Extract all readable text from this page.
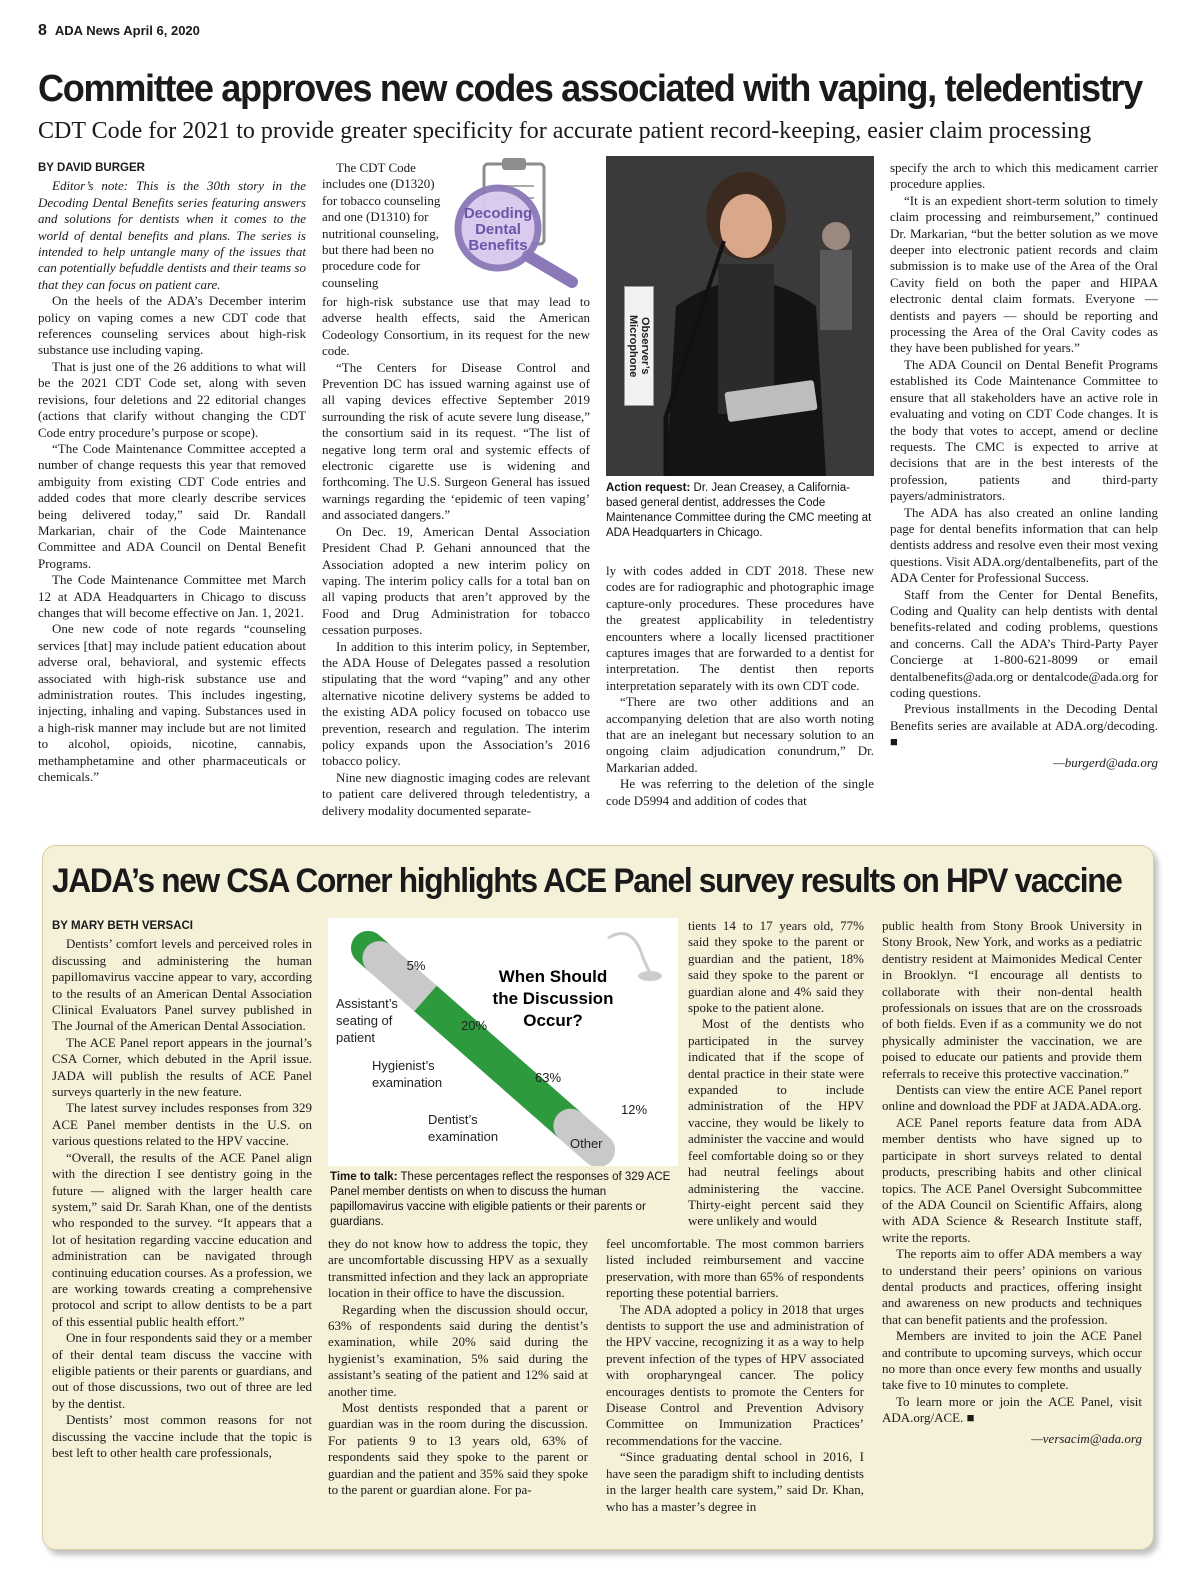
8 ADA News April 6, 2020
Committee approves new codes associated with vaping, teledentistry
CDT Code for 2021 to provide greater specificity for accurate patient record-keeping, easier claim processing

BY DAVID BURGER

Editor’s note: This is the 30th story in the Decoding Dental Benefits series featuring answers and solutions for dentists when it comes to the world of dental benefits and plans. The series is intended to help untangle many of the issues that can potentially befuddle dentists and their teams so that they can focus on patient care.

On the heels of the ADA’s December interim policy on vaping comes a new CDT code that references counseling services about high-risk substance use including vaping.

That is just one of the 26 additions to what will be the 2021 CDT Code set, along with seven revisions, four deletions and 22 editorial changes (actions that clarify without changing the CDT Code entry procedure’s purpose or scope).

“The Code Maintenance Committee accepted a number of change requests this year that removed ambiguity from existing CDT Code entries and added codes that more clearly describe services being delivered today,” said Dr. Randall Markarian, chair of the Code Maintenance Committee and ADA Council on Dental Benefit Programs.

The Code Maintenance Committee met March 12 at ADA Headquarters in Chicago to discuss changes that will become effective on Jan. 1, 2021.

One new code of note regards “counseling services [that] may include patient education about adverse oral, behavioral, and systemic effects associated with high-risk substance use and administration routes. This includes ingesting, injecting, inhaling and vaping. Substances used in a high-risk manner may include but are not limited to alcohol, opioids, nicotine, cannabis, methamphetamine and other pharmaceuticals or chemicals.”

The CDT Code includes one (D1320) for tobacco counseling and one (D1310) for nutritional counseling, but there had been no procedure code for counseling

Decoding
Dental
Benefits

for high-risk substance use that may lead to adverse health effects, said the American Codeology Consortium, in its request for the new code.

“The Centers for Disease Control and Prevention DC has issued warning against use of all vaping devices effective September 2019 surrounding the risk of acute severe lung disease,” the consortium said in its request. “The list of negative long term oral and systemic effects of electronic cigarette use is widening and forthcoming. The U.S. Surgeon General has issued warnings regarding the ‘epidemic of teen vaping’ and associated dangers.”

On Dec. 19, American Dental Association President Chad P. Gehani announced that the Association adopted a new interim policy on vaping. The interim policy calls for a total ban on all vaping products that aren’t approved by the Food and Drug Administration for tobacco cessation purposes.

In addition to this interim policy, in September, the ADA House of Delegates passed a resolution stipulating that the word “vaping” and any other alternative nicotine delivery systems be added to the existing ADA policy focused on tobacco use prevention, research and regulation. The interim policy expands upon the Association’s 2016 tobacco policy.

Nine new diagnostic imaging codes are relevant to patient care delivered through teledentistry, a delivery modality documented separate-

Observer’s Microphone
Action request: Dr. Jean Creasey, a California-based general dentist, addresses the Code Maintenance Committee during the CMC meeting at ADA Headquarters in Chicago.

ly with codes added in CDT 2018. These new codes are for radiographic and photographic image capture-only procedures. These procedures have the greatest applicability in teledentistry encounters where a locally licensed practitioner captures images that are forwarded to a dentist for interpretation. The dentist then reports interpretation separately with its own CDT code.

“There are two other additions and an accompanying deletion that are also worth noting that are an inelegant but necessary solution to an ongoing claim adjudication conundrum,” Dr. Markarian added.

He was referring to the deletion of the single code D5994 and addition of codes that

specify the arch to which this medicament carrier procedure applies.

“It is an expedient short-term solution to timely claim processing and reimbursement,” continued Dr. Markarian, “but the better solution as we move deeper into electronic patient records and claim submission is to make use of the Area of the Oral Cavity field on both the paper and HIPAA electronic dental claim formats. Everyone — dentists and payers — should be reporting and processing the Area of the Oral Cavity codes as they have been published for years.”

The ADA Council on Dental Benefit Programs established its Code Maintenance Committee to ensure that all stakeholders have an active role in evaluating and voting on CDT Code changes. It is the body that votes to accept, amend or decline requests. The CMC is expected to arrive at decisions that are in the best interests of the profession, patients and third-party payers/administrators.

The ADA has also created an online landing page for dental benefits information that can help dentists address and resolve even their most vexing questions. Visit ADA.org/dentalbenefits, part of the ADA Center for Professional Success.

Staff from the Center for Dental Benefits, Coding and Quality can help dentists with dental benefits-related and coding problems, questions and concerns. Call the ADA’s Third-Party Payer Concierge at 1-800-621-8099 or email dentalbenefits@ada.org or dentalcode@ada.org for coding questions.

Previous installments in the Decoding Dental Benefits series are available at ADA.org/decoding. ■

—burgerd@ada.org

JADA’s new CSA Corner highlights ACE Panel survey results on HPV vaccine

BY MARY BETH VERSACI

Dentists’ comfort levels and perceived roles in discussing and administering the human papillomavirus vaccine appear to vary, according to the results of an American Dental Association Clinical Evaluators Panel survey published in The Journal of the American Dental Association.

The ACE Panel report appears in the journal’s CSA Corner, which debuted in the April issue. JADA will publish the results of ACE Panel surveys quarterly in the new feature.

The latest survey includes responses from 329 ACE Panel member dentists in the U.S. on various questions related to the HPV vaccine.

“Overall, the results of the ACE Panel align with the direction I see dentistry going in the future — aligned with the larger health care system,” said Dr. Sarah Khan, one of the dentists who responded to the survey. “It appears that a lot of hesitation regarding vaccine education and administration can be navigated through continuing education courses. As a profession, we are working towards creating a comprehensive protocol and script to allow dentists to be a part of this essential public health effort.”

One in four respondents said they or a member of their dental team discuss the vaccine with eligible patients or their parents or guardians, and out of those discussions, two out of three are led by the dentist.

Dentists’ most common reasons for not discussing the vaccine include that the topic is best left to other health care professionals,

When Should
the Discussion
Occur?
5%
20%
63%
12%
Assistant’s
seating of
patient
Hygienist’s
examination
Dentist’s
examination	Other
Time to talk: These percentages reflect the responses of 329 ACE Panel member dentists on when to discuss the human papillomavirus vaccine with eligible patients or their parents or guardians.

they do not know how to address the topic, they are uncomfortable discussing HPV as a sexually transmitted infection and they lack an appropriate location in their office to have the discussion.

Regarding when the discussion should occur, 63% of respondents said during the dentist’s examination, while 20% said during the hygienist’s examination, 5% said during the assistant’s seating of the patient and 12% said at another time.

Most dentists responded that a parent or guardian was in the room during the discussion. For patients 9 to 13 years old, 63% of respondents said they spoke to the parent or guardian and the patient and 35% said they spoke to the parent or guardian alone. For pa-

tients 14 to 17 years old, 77% said they spoke to the parent or guardian and the patient, 18% said they spoke to the parent or guardian alone and 4% said they spoke to the patient alone.

Most of the dentists who participated in the survey indicated that if the scope of dental practice in their state were expanded to include administration of the HPV vaccine, they would be likely to administer the vaccine and would feel comfortable doing so or they had neutral feelings about administering the vaccine. Thirty-eight percent said they were unlikely and would

feel uncomfortable. The most common barriers listed included reimbursement and vaccine preservation, with more than 65% of respondents reporting these potential barriers.

The ADA adopted a policy in 2018 that urges dentists to support the use and administration of the HPV vaccine, recognizing it as a way to help prevent infection of the types of HPV associated with oropharyngeal cancer. The policy encourages dentists to promote the Centers for Disease Control and Prevention Advisory Committee on Immunization Practices’ recommendations for the vaccine.

“Since graduating dental school in 2016, I have seen the paradigm shift to including dentists in the larger health care system,” said Dr. Khan, who has a master’s degree in

public health from Stony Brook University in Stony Brook, New York, and works as a pediatric dentistry resident at Maimonides Medical Center in Brooklyn. “I encourage all dentists to collaborate with their non-dental health professionals on issues that are on the crossroads of both fields. Even if as a community we do not physically administer the vaccination, we are poised to educate our patients and provide them referrals to receive this protective vaccination.”

Dentists can view the entire ACE Panel report online and download the PDF at JADA.ADA.org.

ACE Panel reports feature data from ADA member dentists who have signed up to participate in short surveys related to dental products, prescribing habits and other clinical topics. The ACE Panel Oversight Subcommittee of the ADA Council on Scientific Affairs, along with ADA Science & Research Institute staff, write the reports.

The reports aim to offer ADA members a way to understand their peers’ opinions on various dental products and practices, offering insight and awareness on new products and techniques that can benefit patients and the profession.

Members are invited to join the ACE Panel and contribute to upcoming surveys, which occur no more than once every few months and usually take five to 10 minutes to complete.

To learn more or join the ACE Panel, visit ADA.org/ACE. ■

—versacim@ada.org
